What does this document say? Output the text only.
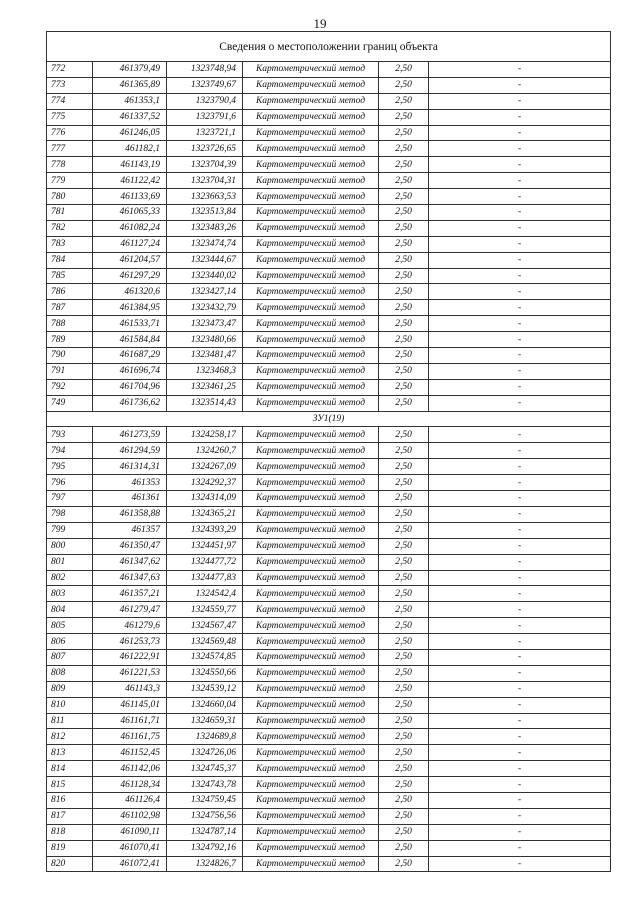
19
Сведения о местоположении границ объекта					
772	461379,49	1323748,94	Картометрический метод	2,50	-
773	461365,89	1323749,67	Картометрический метод	2,50	-
774	461353,1	1323790,4	Картометрический метод	2,50	-
775	461337,52	1323791,6	Картометрический метод	2,50	-
776	461246,05	1323721,1	Картометрический метод	2,50	-
777	461182,1	1323726,65	Картометрический метод	2,50	-
778	461143,19	1323704,39	Картометрический метод	2,50	-
779	461122,42	1323704,31	Картометрический метод	2,50	-
780	461133,69	1323663,53	Картометрический метод	2,50	-
781	461065,33	1323513,84	Картометрический метод	2,50	-
782	461082,24	1323483,26	Картометрический метод	2,50	-
783	461127,24	1323474,74	Картометрический метод	2,50	-
784	461204,57	1323444,67	Картометрический метод	2,50	-
785	461297,29	1323440,02	Картометрический метод	2,50	-
786	461320,6	1323427,14	Картометрический метод	2,50	-
787	461384,95	1323432,79	Картометрический метод	2,50	-
788	461533,71	1323473,47	Картометрический метод	2,50	-
789	461584,84	1323480,66	Картометрический метод	2,50	-
790	461687,29	1323481,47	Картометрический метод	2,50	-
791	461696,74	1323468,3	Картометрический метод	2,50	-
792	461704,96	1323461,25	Картометрический метод	2,50	-
749	461736,62	1323514,43	Картометрический метод	2,50	-
ЗУ1(19)					
793	461273,59	1324258,17	Картометрический метод	2,50	-
794	461294,59	1324260,7	Картометрический метод	2,50	-
795	461314,31	1324267,09	Картометрический метод	2,50	-
796	461353	1324292,37	Картометрический метод	2,50	-
797	461361	1324314,09	Картометрический метод	2,50	-
798	461358,88	1324365,21	Картометрический метод	2,50	-
799	461357	1324393,29	Картометрический метод	2,50	-
800	461350,47	1324451,97	Картометрический метод	2,50	-
801	461347,62	1324477,72	Картометрический метод	2,50	-
802	461347,63	1324477,83	Картометрический метод	2,50	-
803	461357,21	1324542,4	Картометрический метод	2,50	-
804	461279,47	1324559,77	Картометрический метод	2,50	-
805	461279,6	1324567,47	Картометрический метод	2,50	-
806	461253,73	1324569,48	Картометрический метод	2,50	-
807	461222,91	1324574,85	Картометрический метод	2,50	-
808	461221,53	1324550,66	Картометрический метод	2,50	-
809	461143,3	1324539,12	Картометрический метод	2,50	-
810	461145,01	1324660,04	Картометрический метод	2,50	-
811	461161,71	1324659,31	Картометрический метод	2,50	-
812	461161,75	1324689,8	Картометрический метод	2,50	-
813	461152,45	1324726,06	Картометрический метод	2,50	-
814	461142,06	1324745,37	Картометрический метод	2,50	-
815	461128,34	1324743,78	Картометрический метод	2,50	-
816	461126,4	1324759,45	Картометрический метод	2,50	-
817	461102,98	1324756,56	Картометрический метод	2,50	-
818	461090,11	1324787,14	Картометрический метод	2,50	-
819	461070,41	1324792,16	Картометрический метод	2,50	-
820	461072,41	1324826,7	Картометрический метод	2,50	-
